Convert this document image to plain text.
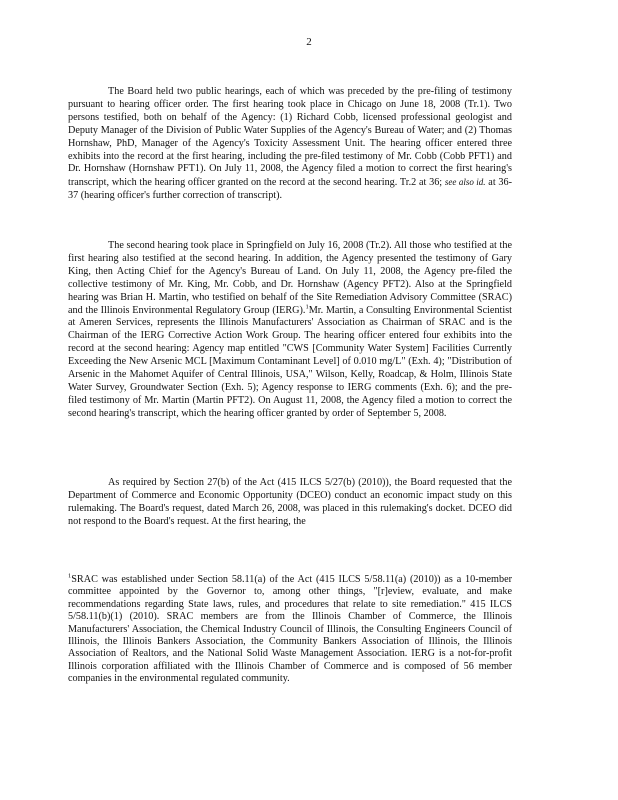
2

The Board held two public hearings, each of which was preceded by the pre-filing of testimony pursuant to hearing officer order. The first hearing took place in Chicago on June 18, 2008 (Tr.1). Two persons testified, both on behalf of the Agency: (1) Richard Cobb, licensed professional geologist and Deputy Manager of the Division of Public Water Supplies of the Agency's Bureau of Water; and (2) Thomas Hornshaw, PhD, Manager of the Agency's Toxicity Assessment Unit. The hearing officer entered three exhibits into the record at the first hearing, including the pre-filed testimony of Mr. Cobb (Cobb PFT1) and Dr. Hornshaw (Hornshaw PFT1). On July 11, 2008, the Agency filed a motion to correct the first hearing's transcript, which the hearing officer granted on the record at the second hearing. Tr.2 at 36; see also id. at 36-37 (hearing officer's further correction of transcript).

The second hearing took place in Springfield on July 16, 2008 (Tr.2). All those who testified at the first hearing also testified at the second hearing. In addition, the Agency presented the testimony of Gary King, then Acting Chief for the Agency's Bureau of Land. On July 11, 2008, the Agency pre-filed the collective testimony of Mr. King, Mr. Cobb, and Dr. Hornshaw (Agency PFT2). Also at the Springfield hearing was Brian H. Martin, who testified on behalf of the Site Remediation Advisory Committee (SRAC) and the Illinois Environmental Regulatory Group (IERG).$^1$Mr. Martin, a Consulting Environmental Scientist at Ameren Services, represents the Illinois Manufacturers' Association as Chairman of SRAC and is the Chairman of the IERG Corrective Action Work Group. The hearing officer entered four exhibits into the record at the second hearing: Agency map entitled "CWS [Community Water System] Facilities Currently Exceeding the New Arsenic MCL [Maximum Contaminant Level] of 0.010 mg/L" (Exh. 4); "Distribution of Arsenic in the Mahomet Aquifer of Central Illinois, USA," Wilson, Kelly, Roadcap, & Holm, Illinois State Water Survey, Groundwater Section (Exh. 5); Agency response to IERG comments (Exh. 6); and the pre-filed testimony of Mr. Martin (Martin PFT2). On August 11, 2008, the Agency filed a motion to correct the second hearing's transcript, which the hearing officer granted by order of September 5, 2008.

As required by Section 27(b) of the Act (415 ILCS 5/27(b) (2010)), the Board requested that the Department of Commerce and Economic Opportunity (DCEO) conduct an economic impact study on this rulemaking. The Board's request, dated March 26, 2008, was placed in this rulemaking's docket. DCEO did not respond to the Board's request. At the first hearing, the

$^1$SRAC was established under Section 58.11(a) of the Act (415 ILCS 5/58.11(a) (2010)) as a 10-member committee appointed by the Governor to, among other things, "[r]eview, evaluate, and make recommendations regarding State laws, rules, and procedures that relate to site remediation." 415 ILCS 5/58.11(b)(1) (2010). SRAC members are from the Illinois Chamber of Commerce, the Illinois Manufacturers' Association, the Chemical Industry Council of Illinois, the Consulting Engineers Council of Illinois, the Illinois Bankers Association, the Community Bankers Association of Illinois, the Illinois Association of Realtors, and the National Solid Waste Management Association. IERG is a not-for-profit Illinois corporation affiliated with the Illinois Chamber of Commerce and is composed of 56 member companies in the environmental regulated community.
